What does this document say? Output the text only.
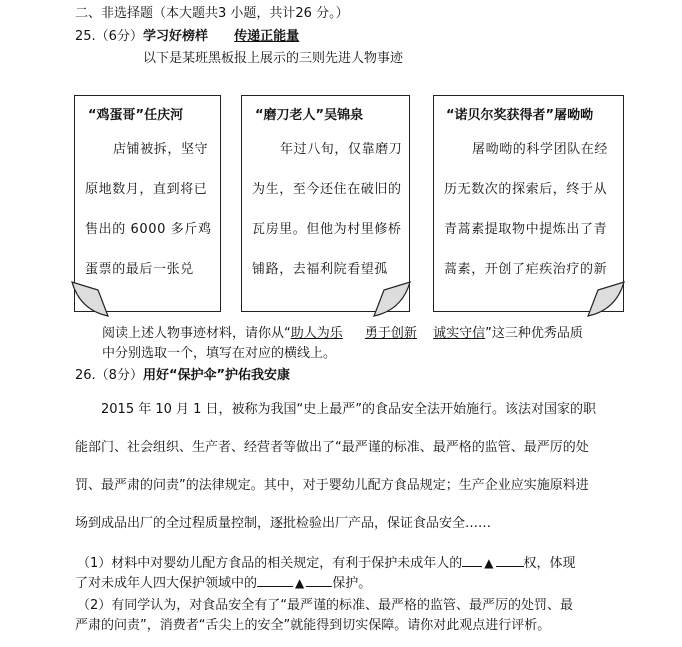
二、非选择题（本大题共3 小题，共计26 分。）
25.（6分）学习好榜样 传递正能量
以下是某班黑板报上展示的三则先进人物事迹
“鸡蛋哥”任庆河
店铺被拆，坚守
原地数月，直到将已
售出的 6000 多斤鸡
蛋票的最后一张兑
“磨刀老人”吴锦泉
年过八旬，仅靠磨刀
为生，至今还住在破旧的
瓦房里。但他为村里修桥
铺路，去福利院看望孤
“诺贝尔奖获得者”屠呦呦
屠呦呦的科学团队在经
历无数次的探索后，终于从
青蒿素提取物中提炼出了青
蒿素，开创了疟疾治疗的新
阅读上述人物事迹材料，请你从“助人为乐 勇于创新 诚实守信”这三种优秀品质
中分别选取一个，填写在对应的横线上。
26.（8分）用好“保护伞”护佑我安康
2015 年 10 月 1 日，被称为我国“史上最严”的食品安全法开始施行。该法对国家的职
能部门、社会组织、生产者、经营者等做出了“最严谨的标准、最严格的监管、最严厉的处
罚、最严肃的问责”的法律规定。其中，对于婴幼儿配方食品规定；生产企业应实施原料进
场到成品出厂的全过程质量控制，逐批检验出厂产品，保证食品安全……
（1）材料中对婴幼儿配方食品的相关规定，有利于保护未成年人的 ▲ 权，体现
了对未成年人四大保护领域中的	▲ 保护。
（2）有同学认为，对食品安全有了“最严谨的标准、最严格的监管、最严厉的处罚、最
严肃的问责”，消费者“舌尖上的安全”就能得到切实保障。请你对此观点进行评析。
